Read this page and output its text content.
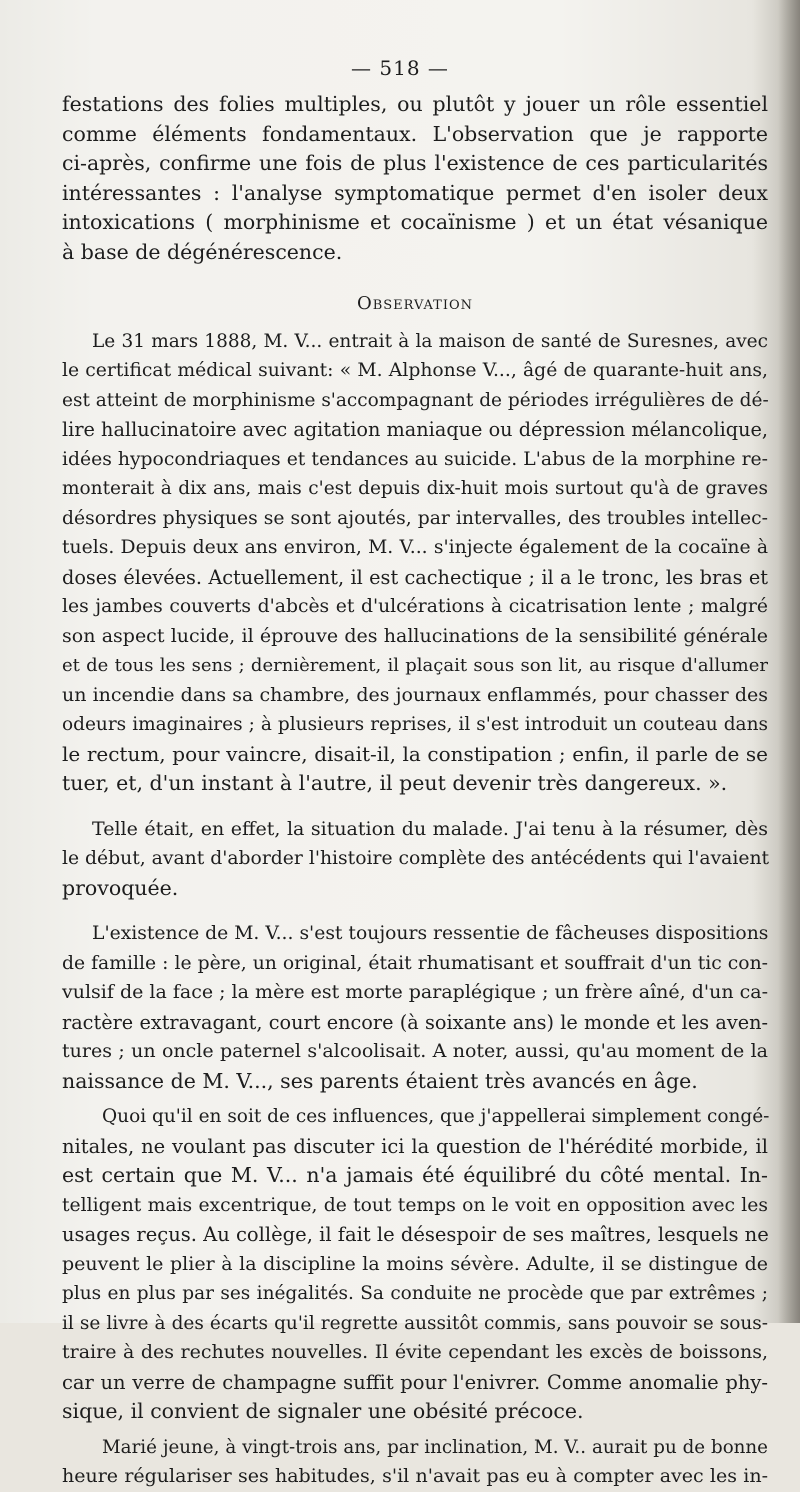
— 518 —

festations des folies multiples, ou plutôt y jouer un rôle essentiel
comme éléments fondamentaux. L'observation que je rapporte
ci-après, confirme une fois de plus l'existence de ces particularités
intéressantes : l'analyse symptomatique permet d'en isoler deux
intoxications ( morphinisme et cocaïnisme ) et un état vésanique
à base de dégénérescence.

Observation

Le 31 mars 1888, M. V... entrait à la maison de santé de Suresnes, avec
le certificat médical suivant: « M. Alphonse V..., âgé de quarante-huit ans,
est atteint de morphinisme s'accompagnant de périodes irrégulières de dé-
lire hallucinatoire avec agitation maniaque ou dépression mélancolique,
idées hypocondriaques et tendances au suicide. L'abus de la morphine re-
monterait à dix ans, mais c'est depuis dix-huit mois surtout qu'à de graves
désordres physiques se sont ajoutés, par intervalles, des troubles intellec-
tuels. Depuis deux ans environ, M. V... s'injecte également de la cocaïne à
doses élevées. Actuellement, il est cachectique ; il a le tronc, les bras et
les jambes couverts d'abcès et d'ulcérations à cicatrisation lente ; malgré
son aspect lucide, il éprouve des hallucinations de la sensibilité générale
et de tous les sens ; dernièrement, il plaçait sous son lit, au risque d'allumer
un incendie dans sa chambre, des journaux enflammés, pour chasser des
odeurs imaginaires ; à plusieurs reprises, il s'est introduit un couteau dans
le rectum, pour vaincre, disait-il, la constipation ; enfin, il parle de se
tuer, et, d'un instant à l'autre, il peut devenir très dangereux. ».

Telle était, en effet, la situation du malade. J'ai tenu à la résumer, dès
le début, avant d'aborder l'histoire complète des antécédents qui l'avaient
provoquée.

L'existence de M. V... s'est toujours ressentie de fâcheuses dispositions
de famille : le père, un original, était rhumatisant et souffrait d'un tic con-
vulsif de la face ; la mère est morte paraplégique ; un frère aîné, d'un ca-
ractère extravagant, court encore (à soixante ans) le monde et les aven-
tures ; un oncle paternel s'alcoolisait. A noter, aussi, qu'au moment de la
naissance de M. V..., ses parents étaient très avancés en âge.

Quoi qu'il en soit de ces influences, que j'appellerai simplement congé-
nitales, ne voulant pas discuter ici la question de l'hérédité morbide, il
est certain que M. V... n'a jamais été équilibré du côté mental. In-
telligent mais excentrique, de tout temps on le voit en opposition avec les
usages reçus. Au collège, il fait le désespoir de ses maîtres, lesquels ne
peuvent le plier à la discipline la moins sévère. Adulte, il se distingue de
plus en plus par ses inégalités. Sa conduite ne procède que par extrêmes ;
il se livre à des écarts qu'il regrette aussitôt commis, sans pouvoir se sous-
traire à des rechutes nouvelles. Il évite cependant les excès de boissons,
car un verre de champagne suffit pour l'enivrer. Comme anomalie phy-
sique, il convient de signaler une obésité précoce.

Marié jeune, à vingt-trois ans, par inclination, M. V.. aurait pu de bonne
heure régulariser ses habitudes, s'il n'avait pas eu à compter avec les in-
